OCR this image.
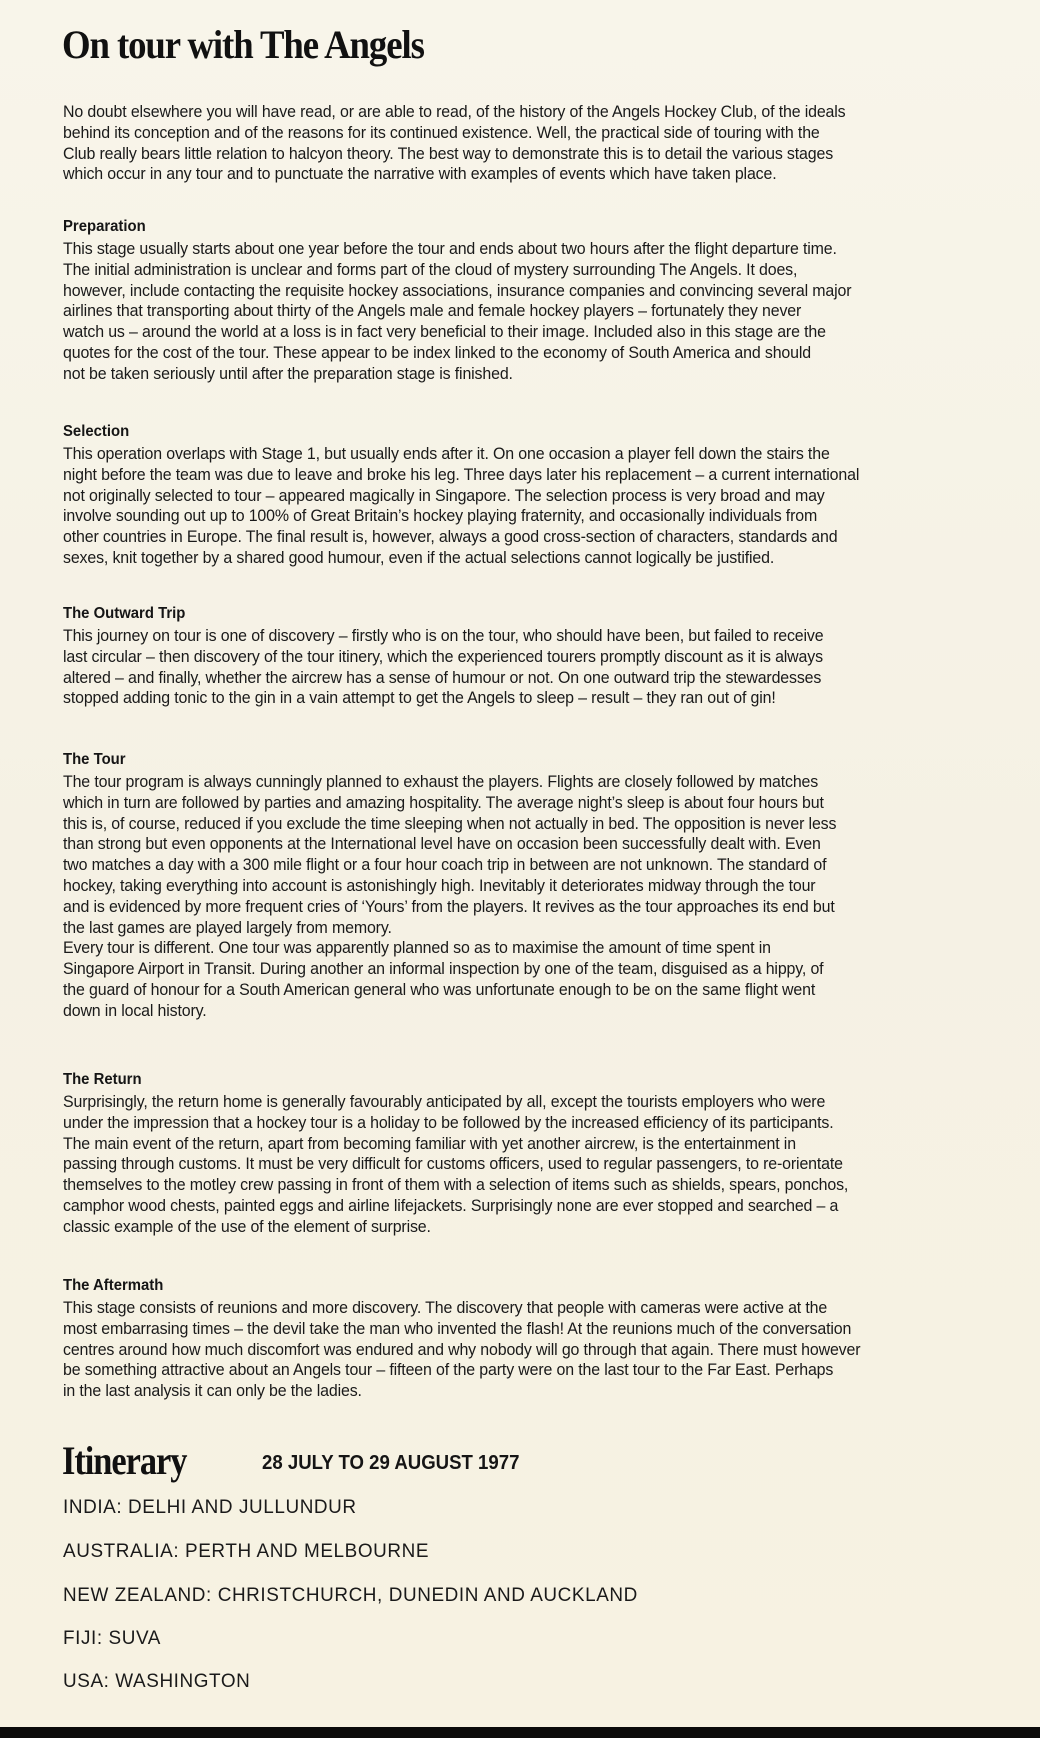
On tour with The Angels
No doubt elsewhere you will have read, or are able to read, of the history of the Angels Hockey Club, of the ideals
behind its conception and of the reasons for its continued existence. Well, the practical side of touring with the
Club really bears little relation to halcyon theory. The best way to demonstrate this is to detail the various stages
which occur in any tour and to punctuate the narrative with examples of events which have taken place.
Preparation
This stage usually starts about one year before the tour and ends about two hours after the flight departure time.
The initial administration is unclear and forms part of the cloud of mystery surrounding The Angels. It does,
however, include contacting the requisite hockey associations, insurance companies and convincing several major
airlines that transporting about thirty of the Angels male and female hockey players – fortunately they never
watch us – around the world at a loss is in fact very beneficial to their image. Included also in this stage are the
quotes for the cost of the tour. These appear to be index linked to the economy of South America and should
not be taken seriously until after the preparation stage is finished.
Selection
This operation overlaps with Stage 1, but usually ends after it. On one occasion a player fell down the stairs the
night before the team was due to leave and broke his leg. Three days later his replacement – a current international
not originally selected to tour – appeared magically in Singapore. The selection process is very broad and may
involve sounding out up to 100% of Great Britain’s hockey playing fraternity, and occasionally individuals from
other countries in Europe. The final result is, however, always a good cross-section of characters, standards and
sexes, knit together by a shared good humour, even if the actual selections cannot logically be justified.
The Outward Trip
This journey on tour is one of discovery – firstly who is on the tour, who should have been, but failed to receive
last circular – then discovery of the tour itinery, which the experienced tourers promptly discount as it is always
altered – and finally, whether the aircrew has a sense of humour or not. On one outward trip the stewardesses
stopped adding tonic to the gin in a vain attempt to get the Angels to sleep – result – they ran out of gin!
The Tour
The tour program is always cunningly planned to exhaust the players. Flights are closely followed by matches
which in turn are followed by parties and amazing hospitality. The average night’s sleep is about four hours but
this is, of course, reduced if you exclude the time sleeping when not actually in bed. The opposition is never less
than strong but even opponents at the International level have on occasion been successfully dealt with. Even
two matches a day with a 300 mile flight or a four hour coach trip in between are not unknown. The standard of
hockey, taking everything into account is astonishingly high. Inevitably it deteriorates midway through the tour
and is evidenced by more frequent cries of ‘Yours’ from the players. It revives as the tour approaches its end but
the last games are played largely from memory.
Every tour is different. One tour was apparently planned so as to maximise the amount of time spent in
Singapore Airport in Transit. During another an informal inspection by one of the team, disguised as a hippy, of
the guard of honour for a South American general who was unfortunate enough to be on the same flight went
down in local history.
The Return
Surprisingly, the return home is generally favourably anticipated by all, except the tourists employers who were
under the impression that a hockey tour is a holiday to be followed by the increased efficiency of its participants.
The main event of the return, apart from becoming familiar with yet another aircrew, is the entertainment in
passing through customs. It must be very difficult for customs officers, used to regular passengers, to re-orientate
themselves to the motley crew passing in front of them with a selection of items such as shields, spears, ponchos,
camphor wood chests, painted eggs and airline lifejackets. Surprisingly none are ever stopped and searched – a
classic example of the use of the element of surprise.
The Aftermath
This stage consists of reunions and more discovery. The discovery that people with cameras were active at the
most embarrasing times – the devil take the man who invented the flash! At the reunions much of the conversation
centres around how much discomfort was endured and why nobody will go through that again. There must however
be something attractive about an Angels tour – fifteen of the party were on the last tour to the Far East. Perhaps
in the last analysis it can only be the ladies.
Itinerary	28 JULY TO 29 AUGUST 1977
INDIA: DELHI AND JULLUNDUR
AUSTRALIA: PERTH AND MELBOURNE
NEW ZEALAND: CHRISTCHURCH, DUNEDIN AND AUCKLAND
FIJI: SUVA
USA: WASHINGTON
